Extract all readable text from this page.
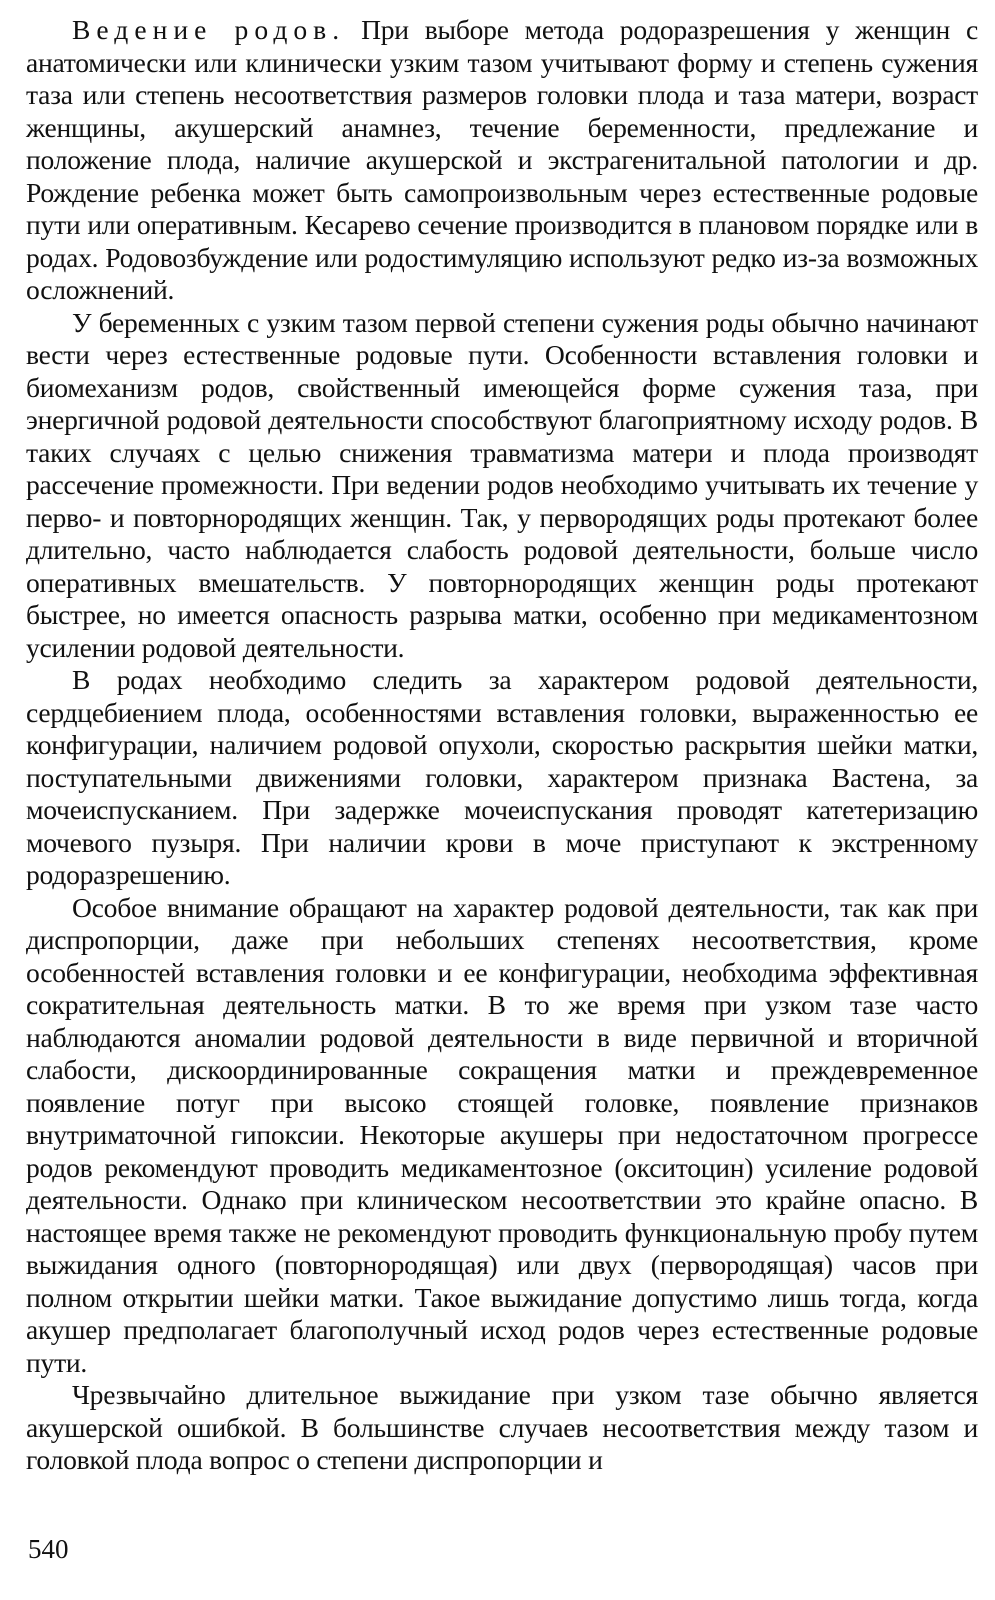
Ведение родов. При выборе метода родоразрешения у женщин с анатомически или клинически узким тазом учитывают форму и степень сужения таза или степень несоответствия размеров головки плода и таза матери, возраст женщины, акушерский анамнез, течение беременности, предлежание и положение плода, наличие акушерской и экстрагенитальной патологии и др. Рождение ребенка может быть самопроизвольным через естественные родовые пути или оперативным. Кесарево сечение производится в плановом порядке или в родах. Родовозбуждение или родостимуляцию используют редко из-за возможных осложнений.

У беременных с узким тазом первой степени сужения роды обычно начинают вести через естественные родовые пути. Особенности вставления головки и биомеханизм родов, свойственный имеющейся форме сужения таза, при энергичной родовой деятельности способствуют благоприятному исходу родов. В таких случаях с целью снижения травматизма матери и плода производят рассечение промежности. При ведении родов необходимо учитывать их течение у перво- и повторнородящих женщин. Так, у первородящих роды протекают более длительно, часто наблюдается слабость родовой деятельности, больше число оперативных вмешательств. У повторнородящих женщин роды протекают быстрее, но имеется опасность разрыва матки, особенно при медикаментозном усилении родовой деятельности.

В родах необходимо следить за характером родовой деятельности, сердцебиением плода, особенностями вставления головки, выраженностью ее конфигурации, наличием родовой опухоли, скоростью раскрытия шейки матки, поступательными движениями головки, характером признака Вастена, за мочеиспусканием. При задержке мочеиспускания проводят катетеризацию мочевого пузыря. При наличии крови в моче приступают к экстренному родоразрешению.

Особое внимание обращают на характер родовой деятельности, так как при диспропорции, даже при небольших степенях несоответствия, кроме особенностей вставления головки и ее конфигурации, необходима эффективная сократительная деятельность матки. В то же время при узком тазе часто наблюдаются аномалии родовой деятельности в виде первичной и вторичной слабости, дискоординированные сокращения матки и преждевременное появление потуг при высоко стоящей головке, появление признаков внутриматочной гипоксии. Некоторые акушеры при недостаточном прогрессе родов рекомендуют проводить медикаментозное (окситоцин) усиление родовой деятельности. Однако при клиническом несоответствии это крайне опасно. В настоящее время также не рекомендуют проводить функциональную пробу путем выжидания одного (повторнородящая) или двух (первородящая) часов при полном открытии шейки матки. Такое выжидание допустимо лишь тогда, когда акушер предполагает благополучный исход родов через естественные родовые пути.

Чрезвычайно длительное выжидание при узком тазе обычно является акушерской ошибкой. В большинстве случаев несоответствия между тазом и головкой плода вопрос о степени диспропорции и

540
